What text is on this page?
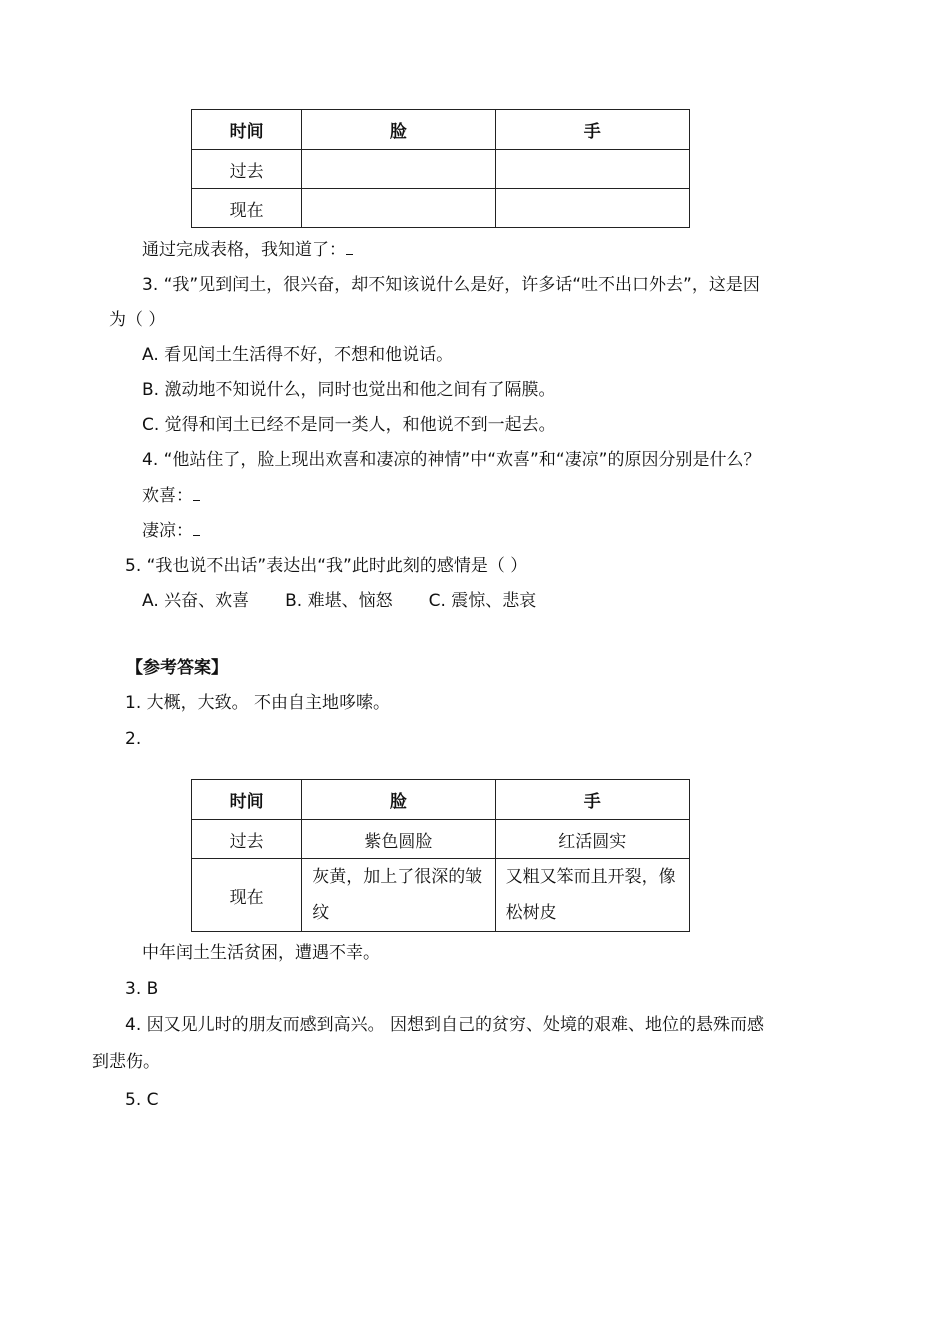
时间	脸	手
过去		
现在		
通过完成表格，我知道了：
3. “我”见到闰土，很兴奋，却不知该说什么是好，许多话“吐不出口外去”，这是因
为（ ）
A. 看见闰土生活得不好，不想和他说话。
B. 激动地不知说什么，同时也觉出和他之间有了隔膜。
C. 觉得和闰土已经不是同一类人，和他说不到一起去。
4. “他站住了，脸上现出欢喜和凄凉的神情”中“欢喜”和“凄凉”的原因分别是什么？
欢喜：
凄凉：
5. “我也说不出话”表达出“我”此时此刻的感情是（ ）
A. 兴奋、欢喜 B. 难堪、恼怒 C. 震惊、悲哀
【参考答案】
1. 大概，大致。 不由自主地哆嗦。
2.
时间	脸	手
过去	紫色圆脸	红活圆实
现在	灰黄，加上了很深的皱纹	又粗又笨而且开裂，像松树皮
中年闰土生活贫困，遭遇不幸。
3. B
4. 因又见儿时的朋友而感到高兴。 因想到自己的贫穷、处境的艰难、地位的悬殊而感
到悲伤。
5. C
